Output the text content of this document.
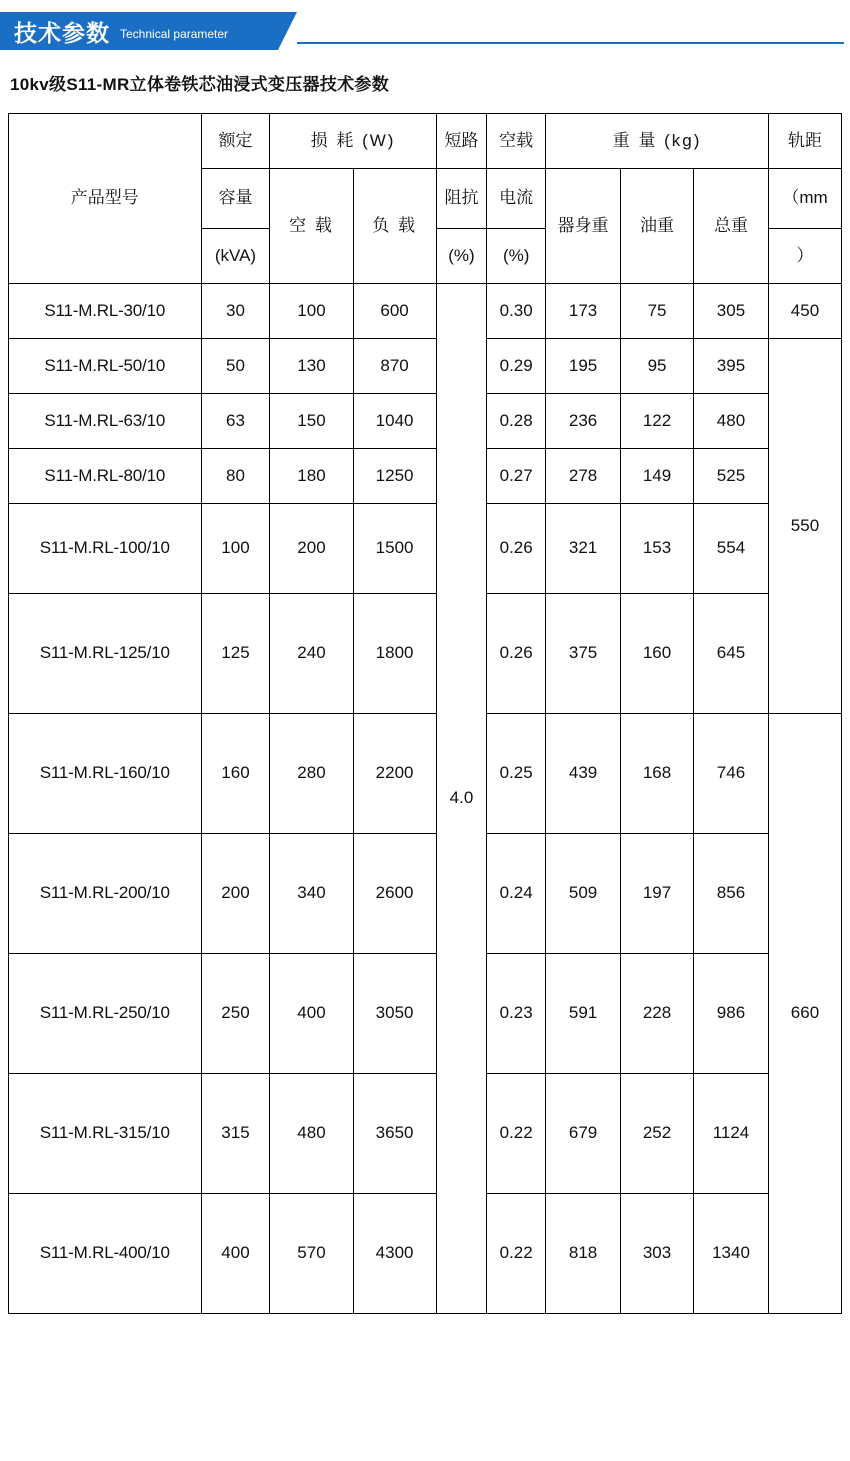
技术参数 Technical parameter
10kv级S11-MR立体卷铁芯油浸式变压器技术参数
产品型号	额定	损 耗 (W)		短路	空载	重 量 (kg)			轨距
	容量	空 载	负 载	阻抗	电流	器身重	油重	总重	（mm
	(kVA)			(%)	(%)				）
S11-M.RL-30/10	30	100	600	4.0	0.30	173	75	305	450
S11-M.RL-50/10	50	130	870		0.29	195	95	395	550
S11-M.RL-63/10	63	150	1040		0.28	236	122	480	
S11-M.RL-80/10	80	180	1250		0.27	278	149	525	
S11-M.RL-100/10	100	200	1500		0.26	321	153	554	
S11-M.RL-125/10	125	240	1800		0.26	375	160	645	
S11-M.RL-160/10	160	280	2200		0.25	439	168	746	660
S11-M.RL-200/10	200	340	2600		0.24	509	197	856	
S11-M.RL-250/10	250	400	3050		0.23	591	228	986	
S11-M.RL-315/10	315	480	3650		0.22	679	252	1124	
S11-M.RL-400/10	400	570	4300		0.22	818	303	1340	
